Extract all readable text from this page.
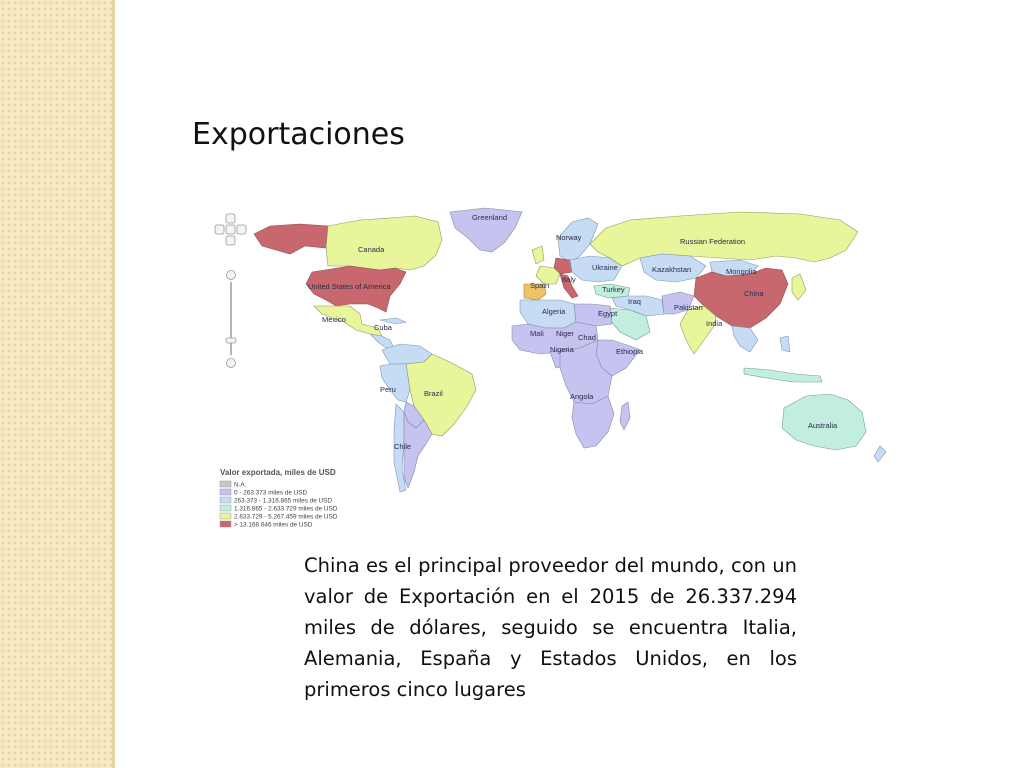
Exportaciones
Greenland
Canada
United States of America
Mexico
Cuba
Peru	Brazil
Chile
Norway	Russian Federation
Ukraine	Kazakhstan	Mongolia
China
Spain
Italy
Turkey
Iraq
Pakistan
India
Algeria	Egypt
Mali Niger Chad
Nigeria	Ethiopia
Angola
Australia
Valor exportada, miles de USD
N.A.
0 - 263.373 miles de USD
263.373 - 1.316.865 miles de USD
1.316.865 - 2.633.729 miles de USD
2.633.729 - 5.267.459 miles de USD
> 13.168.646 miles de USD
China es el principal proveedor del mundo, con un valor de Exportación en el 2015 de 26.337.294 miles de dólares, seguido se encuentra Italia, Alemania, España y Estados Unidos, en los primeros cinco lugares
